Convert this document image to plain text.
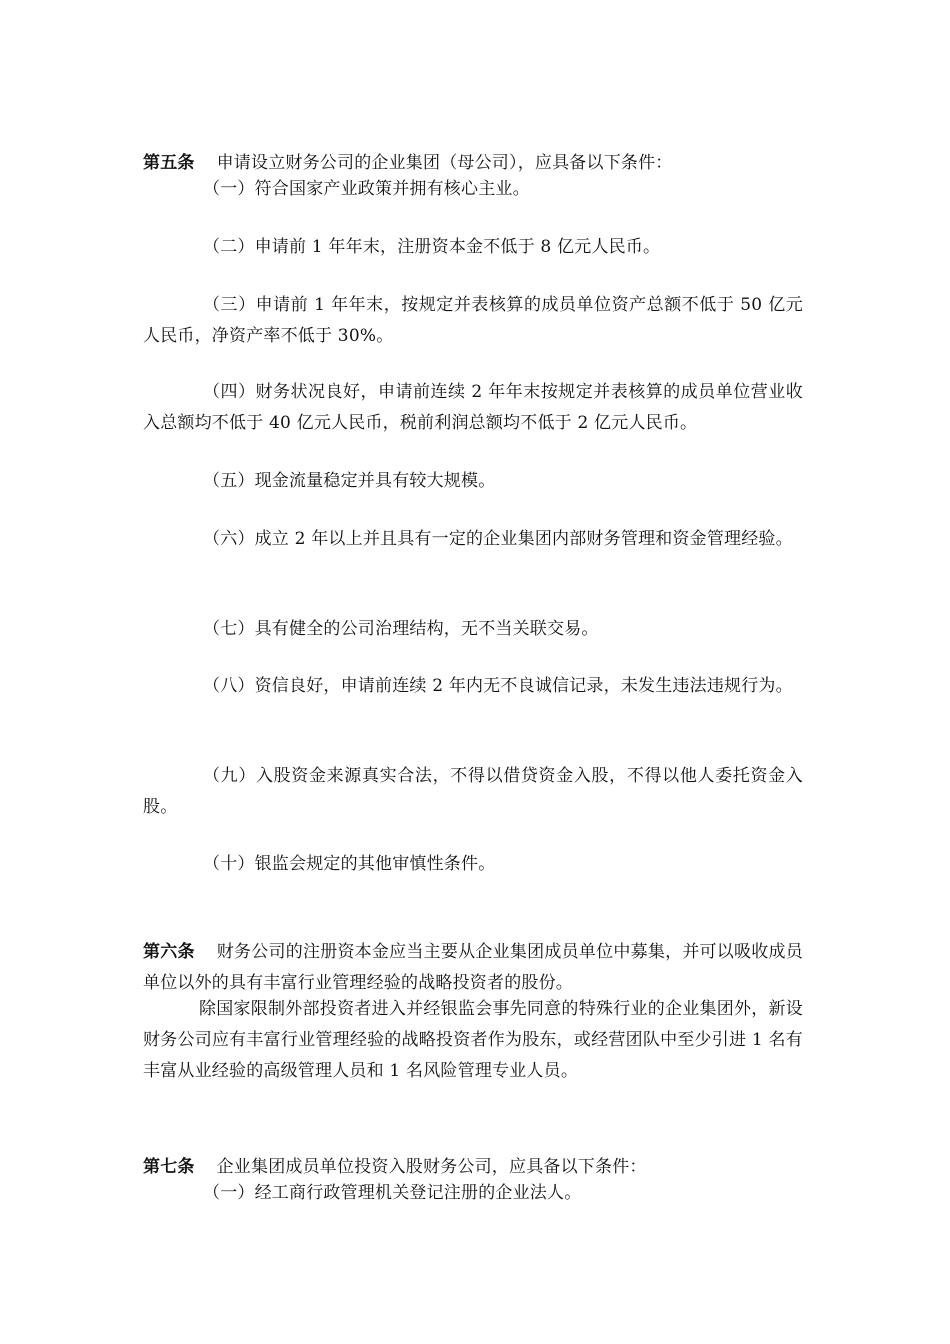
第五条 申请设立财务公司的企业集团（母公司），应具备以下条件：

（一）符合国家产业政策并拥有核心主业。
（二）申请前 1 年年末，注册资本金不低于 8 亿元人民币。
（三）申请前 1 年年末，按规定并表核算的成员单位资产总额不低于 50 亿元人民币，净资产率不低于 30%。
（四）财务状况良好，申请前连续 2 年年末按规定并表核算的成员单位营业收入总额均不低于 40 亿元人民币，税前利润总额均不低于 2 亿元人民币。
（五）现金流量稳定并具有较大规模。
（六）成立 2 年以上并且具有一定的企业集团内部财务管理和资金管理经验。
（七）具有健全的公司治理结构，无不当关联交易。
（八）资信良好，申请前连续 2 年内无不良诚信记录，未发生违法违规行为。
（九）入股资金来源真实合法，不得以借贷资金入股，不得以他人委托资金入股。
（十）银监会规定的其他审慎性条件。

第六条 财务公司的注册资本金应当主要从企业集团成员单位中募集，并可以吸收成员单位以外的具有丰富行业管理经验的战略投资者的股份。

除国家限制外部投资者进入并经银监会事先同意的特殊行业的企业集团外，新设财务公司应有丰富行业管理经验的战略投资者作为股东，或经营团队中至少引进 1 名有丰富从业经验的高级管理人员和 1 名风险管理专业人员。

第七条 企业集团成员单位投资入股财务公司，应具备以下条件：

（一）经工商行政管理机关登记注册的企业法人。
